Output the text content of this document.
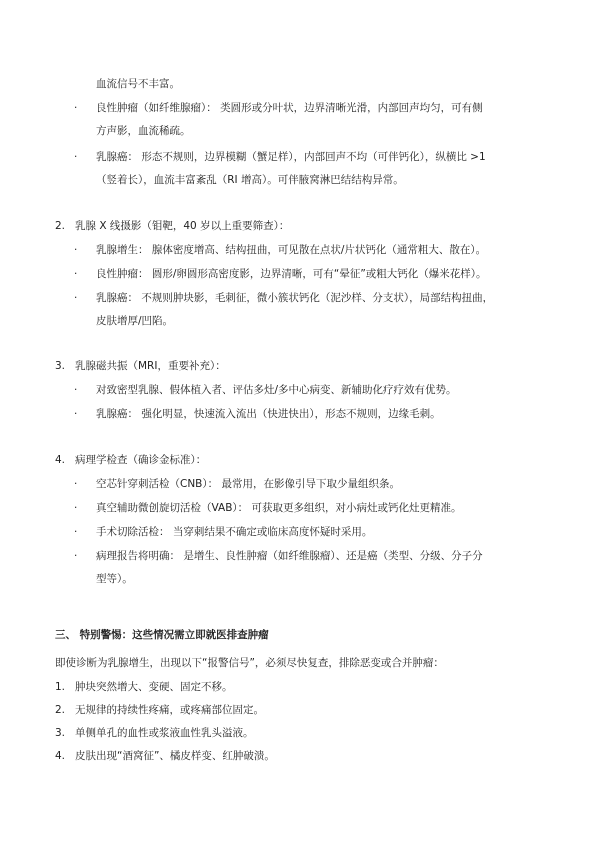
血流信号不丰富。
· 良性肿瘤（如纤维腺瘤）： 类圆形或分叶状，边界清晰光滑，内部回声均匀，可有侧
方声影，血流稀疏。
· 乳腺癌： 形态不规则，边界模糊（蟹足样），内部回声不均（可伴钙化），纵横比 >1
（竖着长），血流丰富紊乱（RI 增高）。可伴腋窝淋巴结结构异常。
2. 乳腺 X 线摄影（钼靶，40 岁以上重要筛查）：
· 乳腺增生： 腺体密度增高、结构扭曲，可见散在点状/片状钙化（通常粗大、散在）。
· 良性肿瘤： 圆形/卵圆形高密度影，边界清晰，可有“晕征”或粗大钙化（爆米花样）。
· 乳腺癌： 不规则肿块影，毛刺征，微小簇状钙化（泥沙样、分支状），局部结构扭曲，
皮肤增厚/凹陷。
3. 乳腺磁共振（MRI，重要补充）：
· 对致密型乳腺、假体植入者、评估多灶/多中心病变、新辅助化疗疗效有优势。
· 乳腺癌： 强化明显，快速流入流出（快进快出），形态不规则，边缘毛刺。
4. 病理学检查（确诊金标准）：
· 空芯针穿刺活检（CNB）： 最常用，在影像引导下取少量组织条。
· 真空辅助微创旋切活检（VAB）： 可获取更多组织，对小病灶或钙化灶更精准。
· 手术切除活检： 当穿刺结果不确定或临床高度怀疑时采用。
· 病理报告将明确： 是增生、良性肿瘤（如纤维腺瘤）、还是癌（类型、分级、分子分
型等）。
三、 特别警惕：这些情况需立即就医排查肿瘤
即使诊断为乳腺增生，出现以下“报警信号”，必须尽快复查，排除恶变或合并肿瘤：
1. 肿块突然增大、变硬、固定不移。
2. 无规律的持续性疼痛，或疼痛部位固定。
3. 单侧单孔的血性或浆液血性乳头溢液。
4. 皮肤出现“酒窝征”、橘皮样变、红肿破溃。
